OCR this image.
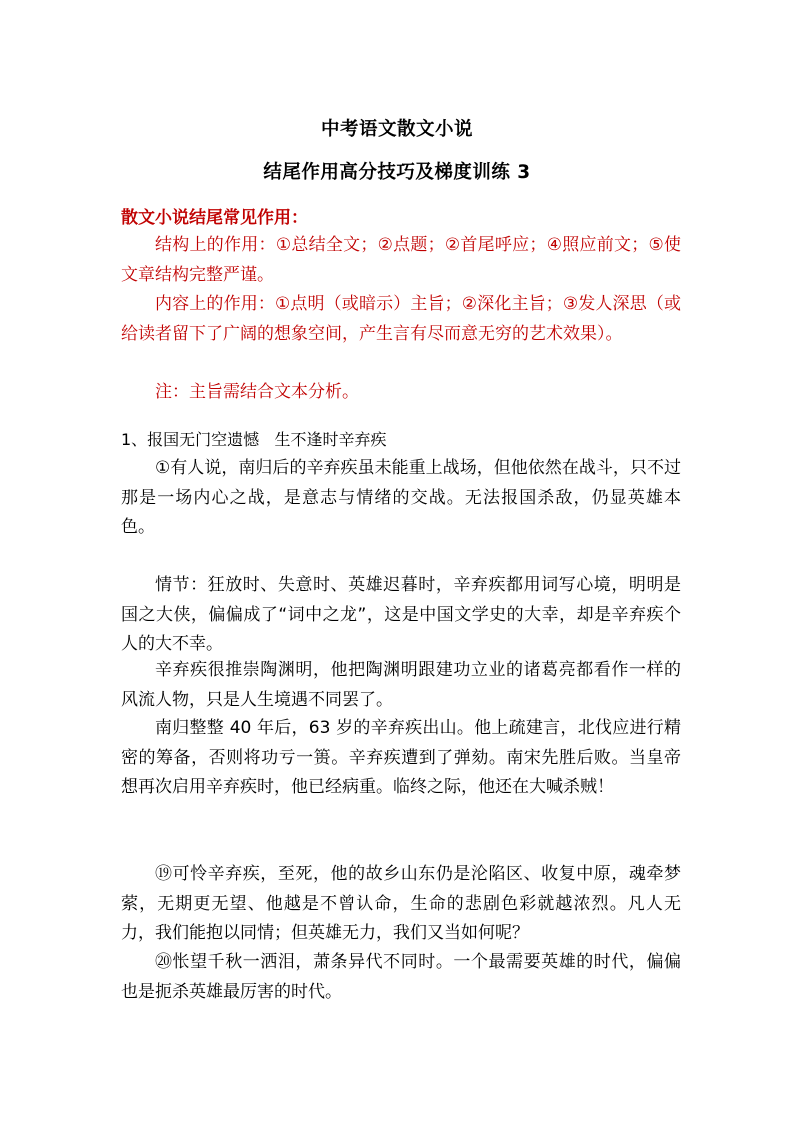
中考语文散文小说
结尾作用高分技巧及梯度训练 3
散文小说结尾常见作用：

结构上的作用：①总结全文；②点题；②首尾呼应；④照应前文；⑤使文章结构完整严谨。

内容上的作用：①点明（或暗示）主旨；②深化主旨；③发人深思（或给读者留下了广阔的想象空间，产生言有尽而意无穷的艺术效果）。

注：主旨需结合文本分析。

1、报国无门空遗憾   生不逢时辛弃疾

①有人说，南归后的辛弃疾虽未能重上战场，但他依然在战斗，只不过那是一场内心之战，是意志与情绪的交战。无法报国杀敌，仍显英雄本色。

情节：狂放时、失意时、英雄迟暮时，辛弃疾都用词写心境，明明是国之大侠，偏偏成了“词中之龙”，这是中国文学史的大幸，却是辛弃疾个人的大不幸。

辛弃疾很推崇陶渊明，他把陶渊明跟建功立业的诸葛亮都看作一样的风流人物，只是人生境遇不同罢了。

南归整整 40 年后，63 岁的辛弃疾出山。他上疏建言，北伐应进行精密的筹备，否则将功亏一篑。辛弃疾遭到了弹劾。南宋先胜后败。当皇帝想再次启用辛弃疾时，他已经病重。临终之际，他还在大喊杀贼！

⑲可怜辛弃疾，至死，他的故乡山东仍是沦陷区、收复中原，魂牵梦萦，无期更无望、他越是不曾认命，生命的悲剧色彩就越浓烈。凡人无力，我们能抱以同情；但英雄无力，我们又当如何呢？

⑳怅望千秋一洒泪，萧条异代不同时。一个最需要英雄的时代，偏偏也是扼杀英雄最厉害的时代。
